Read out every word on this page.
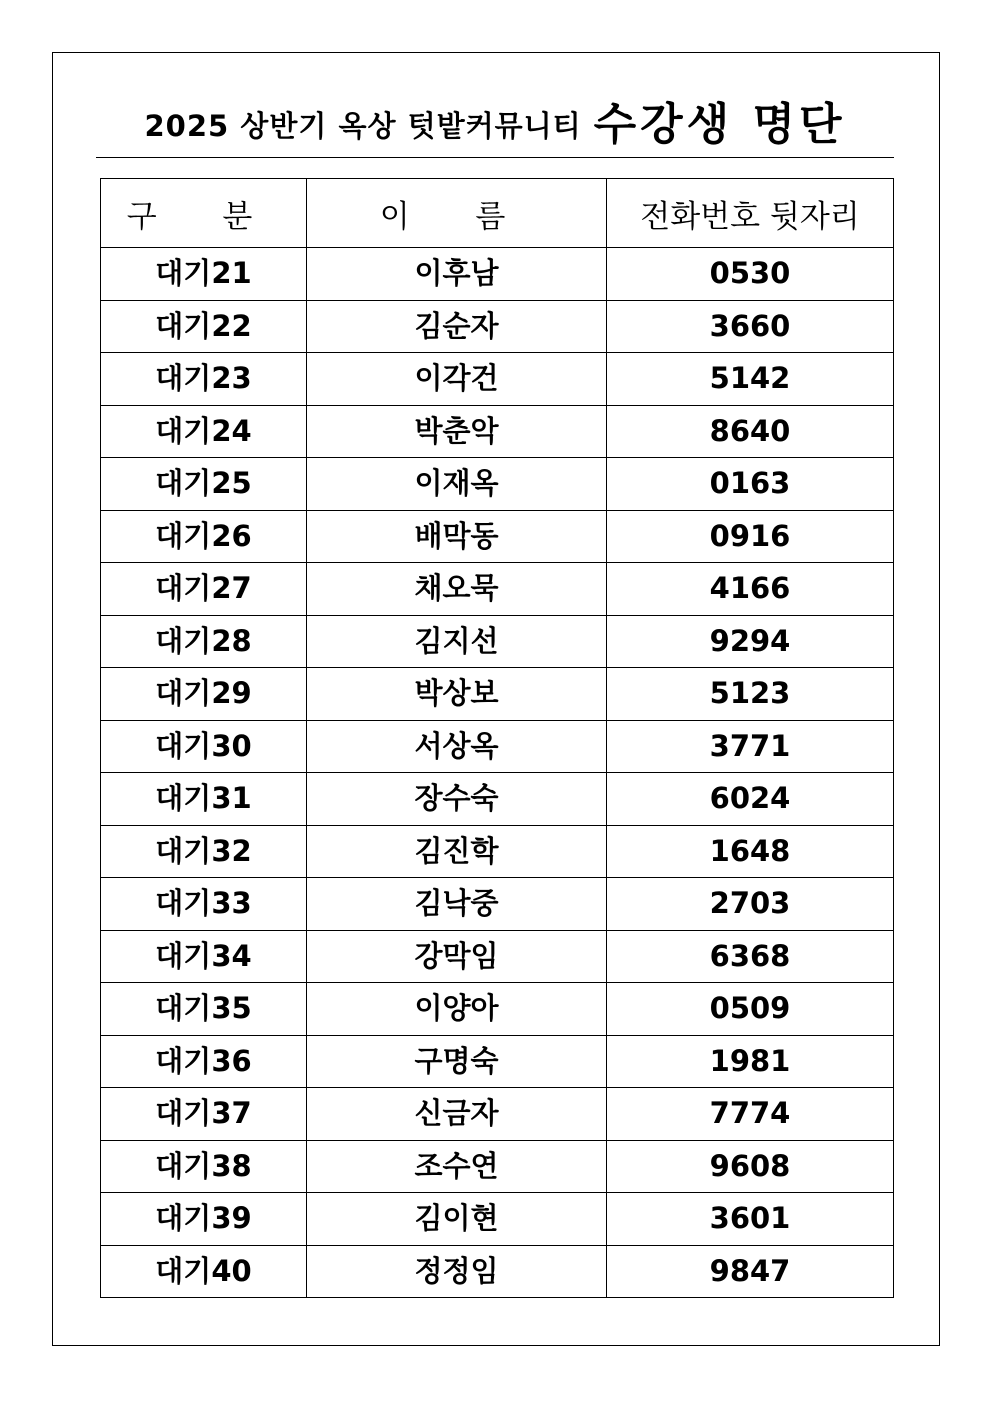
2025 상반기 옥상 텃밭커뮤니티 수강생 명단
구 분	이 름	전화번호 뒷자리
대기21	이후남	0530
대기22	김순자	3660
대기23	이각건	5142
대기24	박춘악	8640
대기25	이재옥	0163
대기26	배막동	0916
대기27	채오묵	4166
대기28	김지선	9294
대기29	박상보	5123
대기30	서상옥	3771
대기31	장수숙	6024
대기32	김진학	1648
대기33	김낙중	2703
대기34	강막임	6368
대기35	이양아	0509
대기36	구명숙	1981
대기37	신금자	7774
대기38	조수연	9608
대기39	김이현	3601
대기40	정정임	9847
